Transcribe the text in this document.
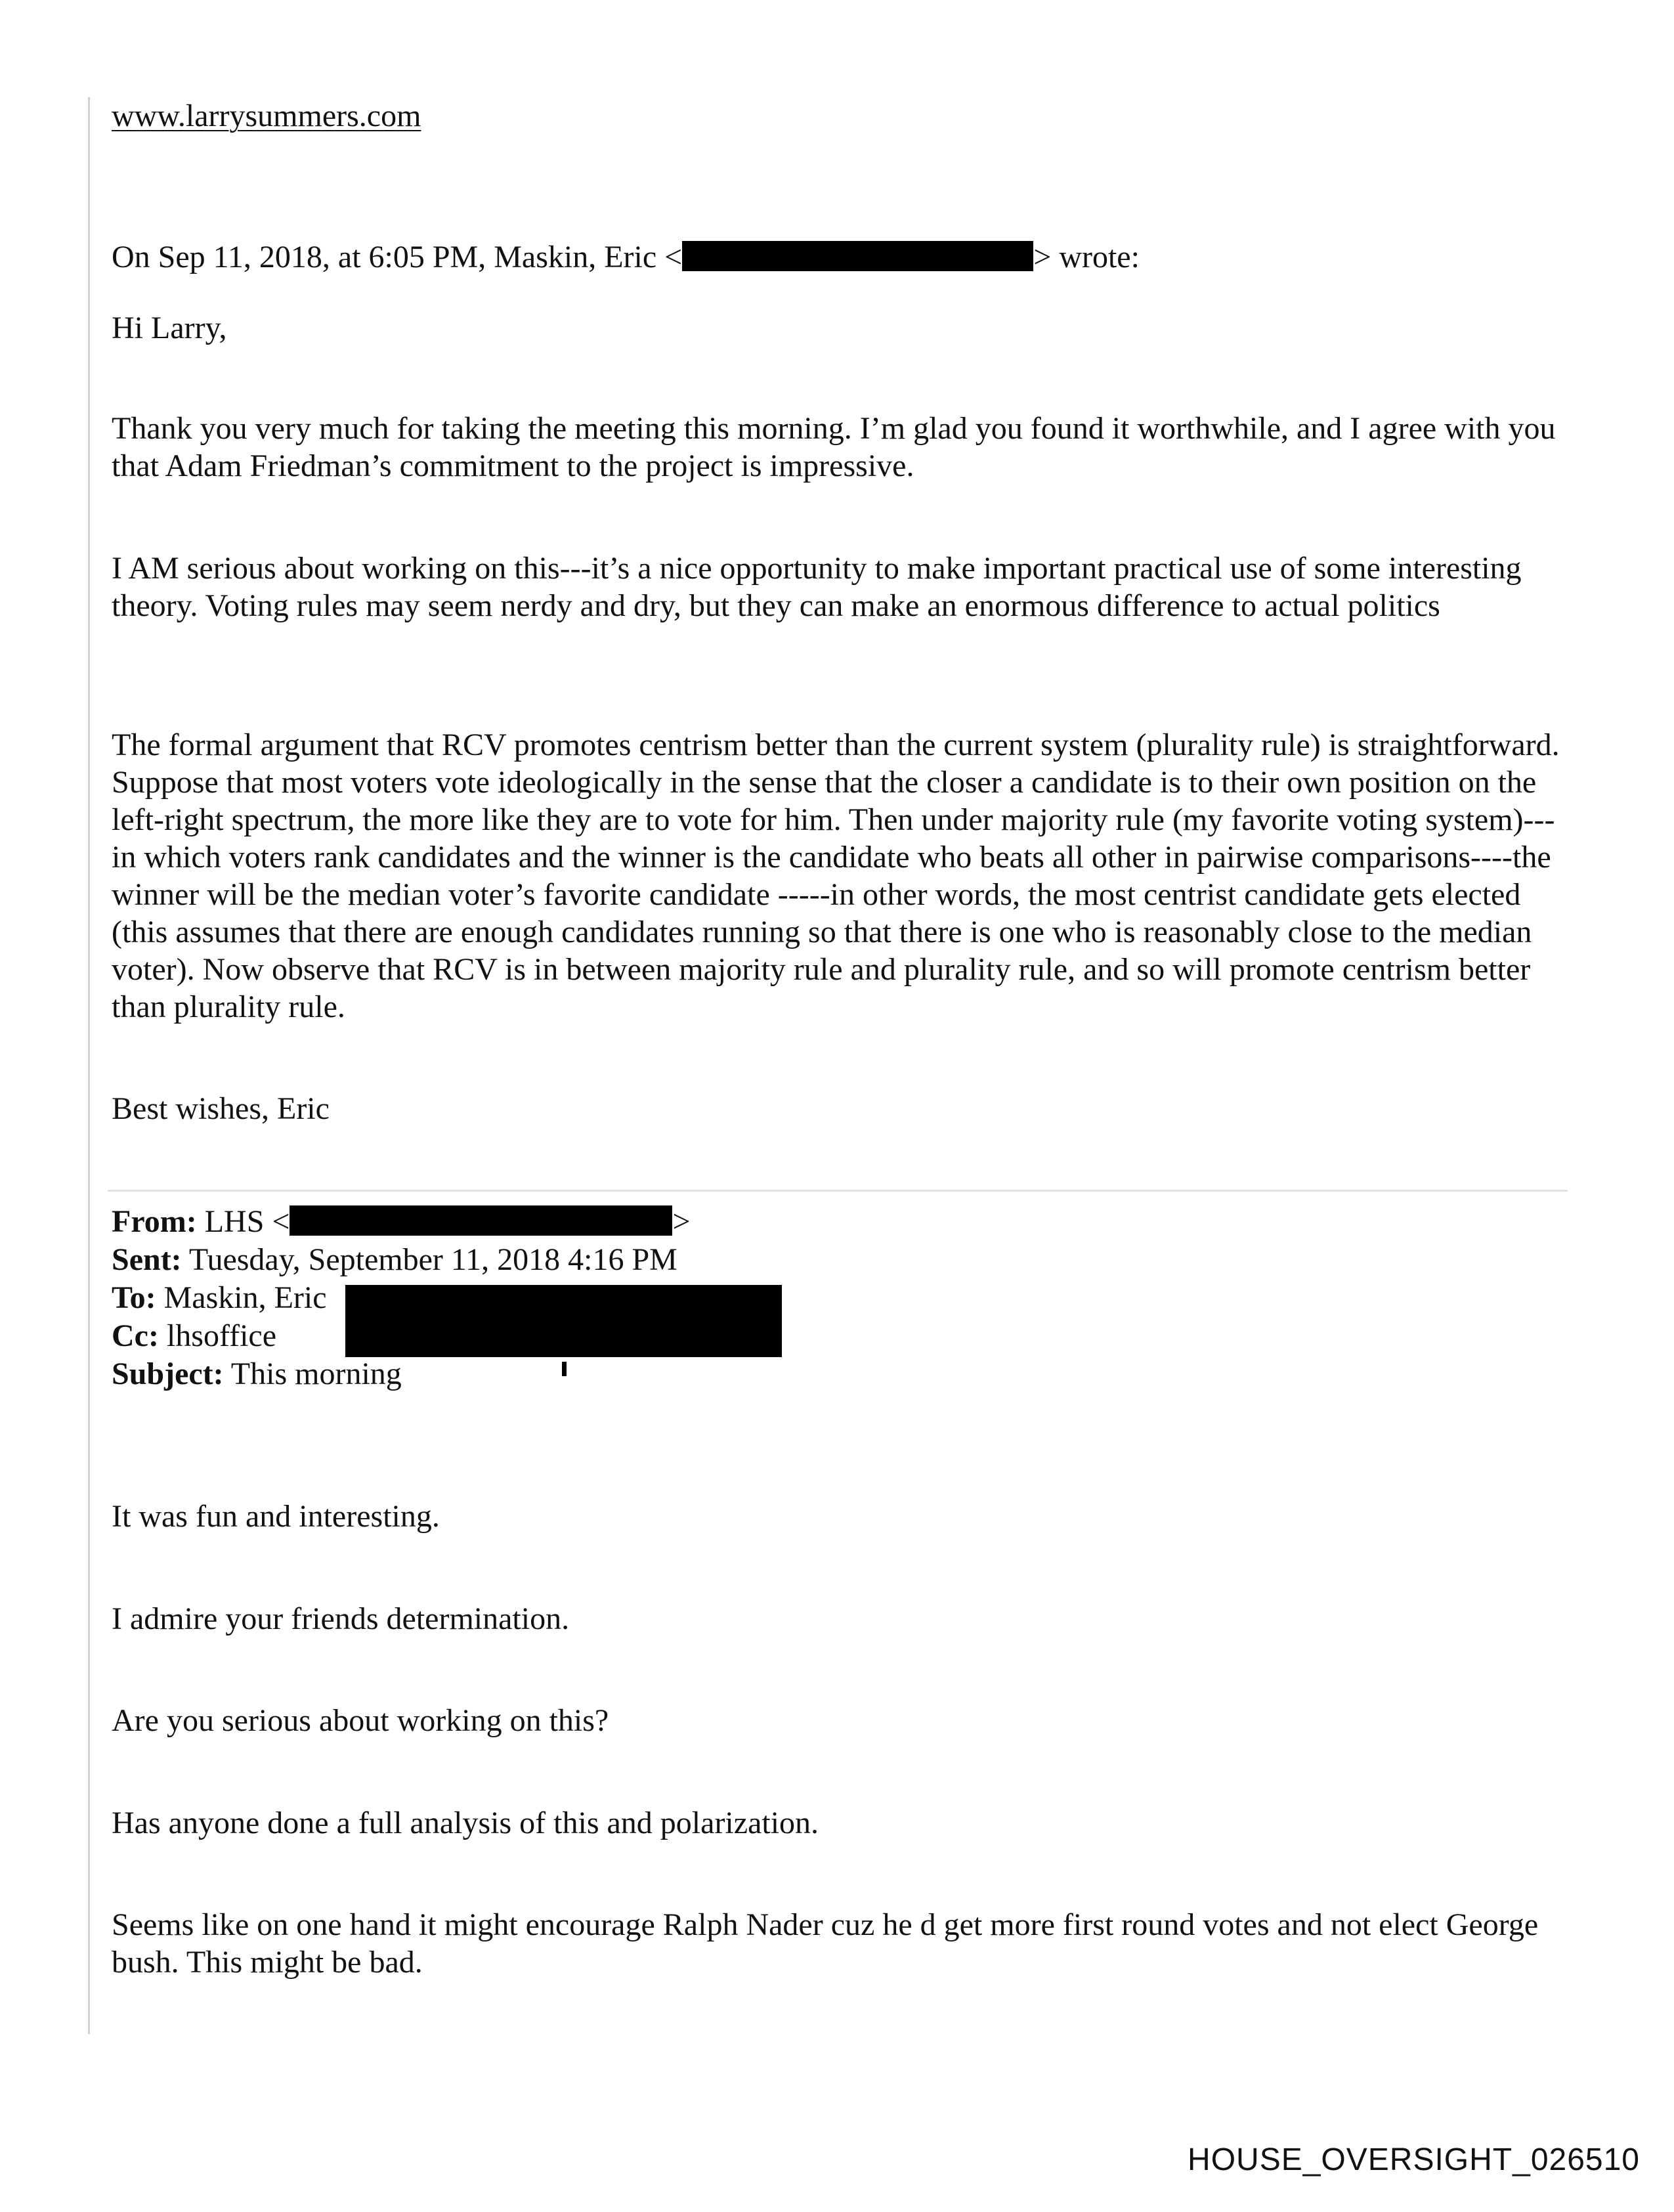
www.larrysummers.com
On Sep 11, 2018, at 6:05 PM, Maskin, Eric <	> wrote:
Hi Larry,
Thank you very much for taking the meeting this morning. I’m glad you found it worthwhile, and I agree with you that Adam Friedman’s commitment to the project is impressive.
I AM serious about working on this---it’s a nice opportunity to make important practical use of some interesting theory. Voting rules may seem nerdy and dry, but they can make an enormous difference to actual politics
The formal argument that RCV promotes centrism better than the current system (plurality rule) is straightforward. Suppose that most voters vote ideologically in the sense that the closer a candidate is to their own position on the left-right spectrum, the more like they are to vote for him. Then under majority rule (my favorite voting system)---in which voters rank candidates and the winner is the candidate who beats all other in pairwise comparisons----the winner will be the median voter’s favorite candidate -----in other words, the most centrist candidate gets elected (this assumes that there are enough candidates running so that there is one who is reasonably close to the median voter). Now observe that RCV is in between majority rule and plurality rule, and so will promote centrism better than plurality rule.
Best wishes, Eric
From: LHS <	>
Sent: Tuesday, September 11, 2018 4:16 PM
To: Maskin, Eric
Cc: lhsoffice
Subject: This morning
It was fun and interesting.
I admire your friends determination.
Are you serious about working on this?
Has anyone done a full analysis of this and polarization.
Seems like on one hand it might encourage Ralph Nader cuz he d get more first round votes and not elect George bush. This might be bad.
HOUSE_OVERSIGHT_026510
